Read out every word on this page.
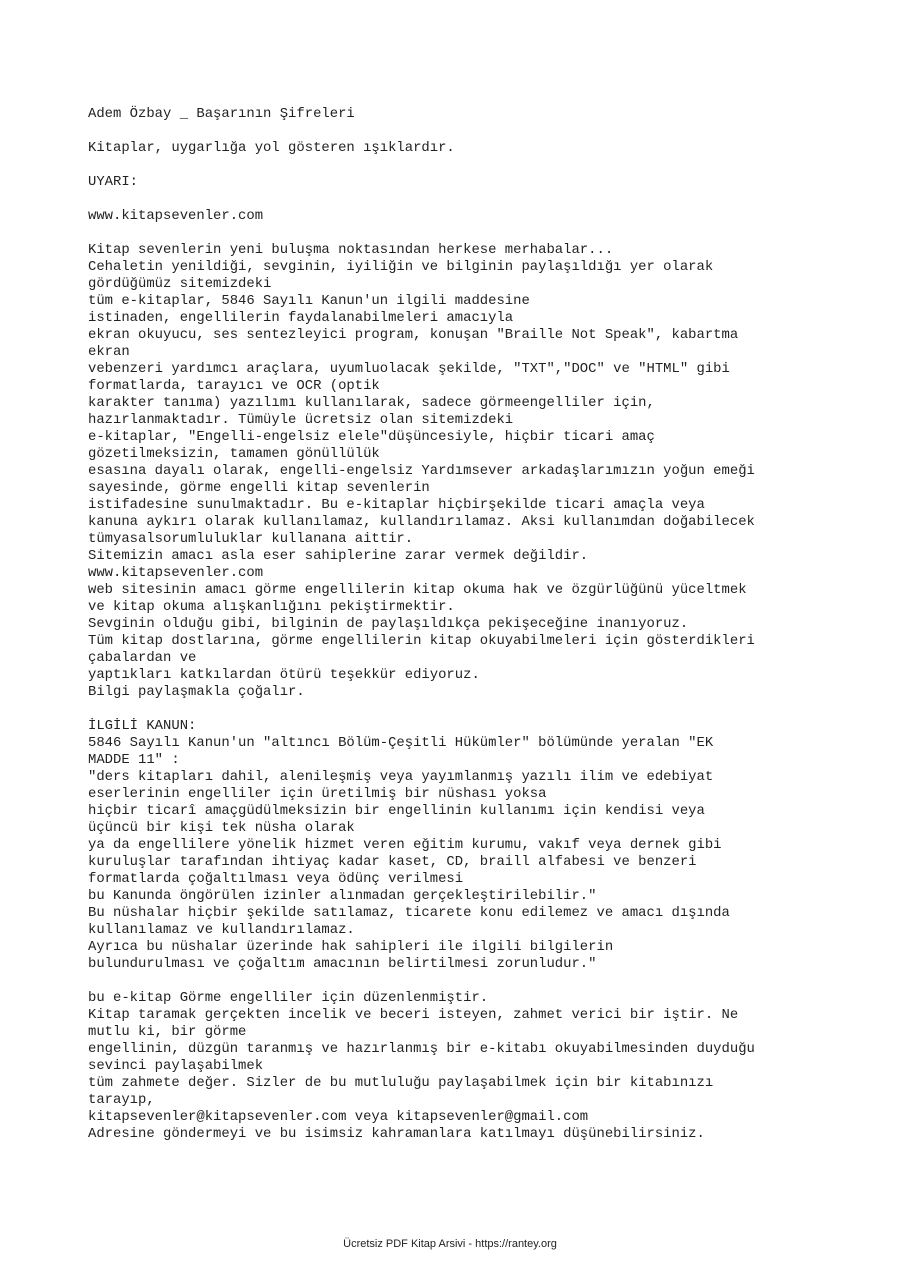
Adem Özbay _ Başarının Şifreleri
Kitaplar, uygarlığa yol gösteren ışıklardır.
UYARI:
www.kitapsevenler.com
Kitap sevenlerin yeni buluşma noktasından herkese merhabalar...
Cehaletin yenildiği, sevginin, iyiliğin ve bilginin paylaşıldığı yer olarak
gördüğümüz sitemizdeki
tüm e-kitaplar, 5846 Sayılı Kanun'un ilgili maddesine
istinaden, engellilerin faydalanabilmeleri amacıyla
ekran okuyucu, ses sentezleyici program, konuşan "Braille Not Speak", kabartma
ekran
vebenzeri yardımcı araçlara, uyumluolacak şekilde, "TXT","DOC" ve "HTML" gibi
formatlarda, tarayıcı ve OCR (optik
karakter tanıma) yazılımı kullanılarak, sadece görmeengelliler için,
hazırlanmaktadır. Tümüyle ücretsiz olan sitemizdeki
e-kitaplar, "Engelli-engelsiz elele"düşüncesiyle, hiçbir ticari amaç
gözetilmeksizin, tamamen gönüllülük
esasına dayalı olarak, engelli-engelsiz Yardımsever arkadaşlarımızın yoğun emeği
sayesinde, görme engelli kitap sevenlerin
istifadesine sunulmaktadır. Bu e-kitaplar hiçbirşekilde ticari amaçla veya
kanuna aykırı olarak kullanılamaz, kullandırılamaz. Aksi kullanımdan doğabilecek
tümyasalsorumluluklar kullanana aittir.
Sitemizin amacı asla eser sahiplerine zarar vermek değildir.
www.kitapsevenler.com
web sitesinin amacı görme engellilerin kitap okuma hak ve özgürlüğünü yüceltmek
ve kitap okuma alışkanlığını pekiştirmektir.
Sevginin olduğu gibi, bilginin de paylaşıldıkça pekişeceğine inanıyoruz.
Tüm kitap dostlarına, görme engellilerin kitap okuyabilmeleri için gösterdikleri
çabalardan ve
yaptıkları katkılardan ötürü teşekkür ediyoruz.
Bilgi paylaşmakla çoğalır.
İLGİLİ KANUN:
5846 Sayılı Kanun'un "altıncı Bölüm-Çeşitli Hükümler" bölümünde yeralan "EK
MADDE 11" :
"ders kitapları dahil, alenileşmiş veya yayımlanmış yazılı ilim ve edebiyat
eserlerinin engelliler için üretilmiş bir nüshası yoksa
hiçbir ticarî amaçgüdülmeksizin bir engellinin kullanımı için kendisi veya
üçüncü bir kişi tek nüsha olarak
ya da engellilere yönelik hizmet veren eğitim kurumu, vakıf veya dernek gibi
kuruluşlar tarafından ihtiyaç kadar kaset, CD, braill alfabesi ve benzeri
formatlarda çoğaltılması veya ödünç verilmesi
bu Kanunda öngörülen izinler alınmadan gerçekleştirilebilir."
Bu nüshalar hiçbir şekilde satılamaz, ticarete konu edilemez ve amacı dışında
kullanılamaz ve kullandırılamaz.
Ayrıca bu nüshalar üzerinde hak sahipleri ile ilgili bilgilerin
bulundurulması ve çoğaltım amacının belirtilmesi zorunludur."
bu e-kitap Görme engelliler için düzenlenmiştir.
Kitap taramak gerçekten incelik ve beceri isteyen, zahmet verici bir iştir. Ne
mutlu ki, bir görme
engellinin, düzgün taranmış ve hazırlanmış bir e-kitabı okuyabilmesinden duyduğu
sevinci paylaşabilmek
tüm zahmete değer. Sizler de bu mutluluğu paylaşabilmek için bir kitabınızı
tarayıp,
kitapsevenler@kitapsevenler.com veya kitapsevenler@gmail.com
Adresine göndermeyi ve bu isimsiz kahramanlara katılmayı düşünebilirsiniz.
Ücretsiz PDF Kitap Arsivi - https://rantey.org
